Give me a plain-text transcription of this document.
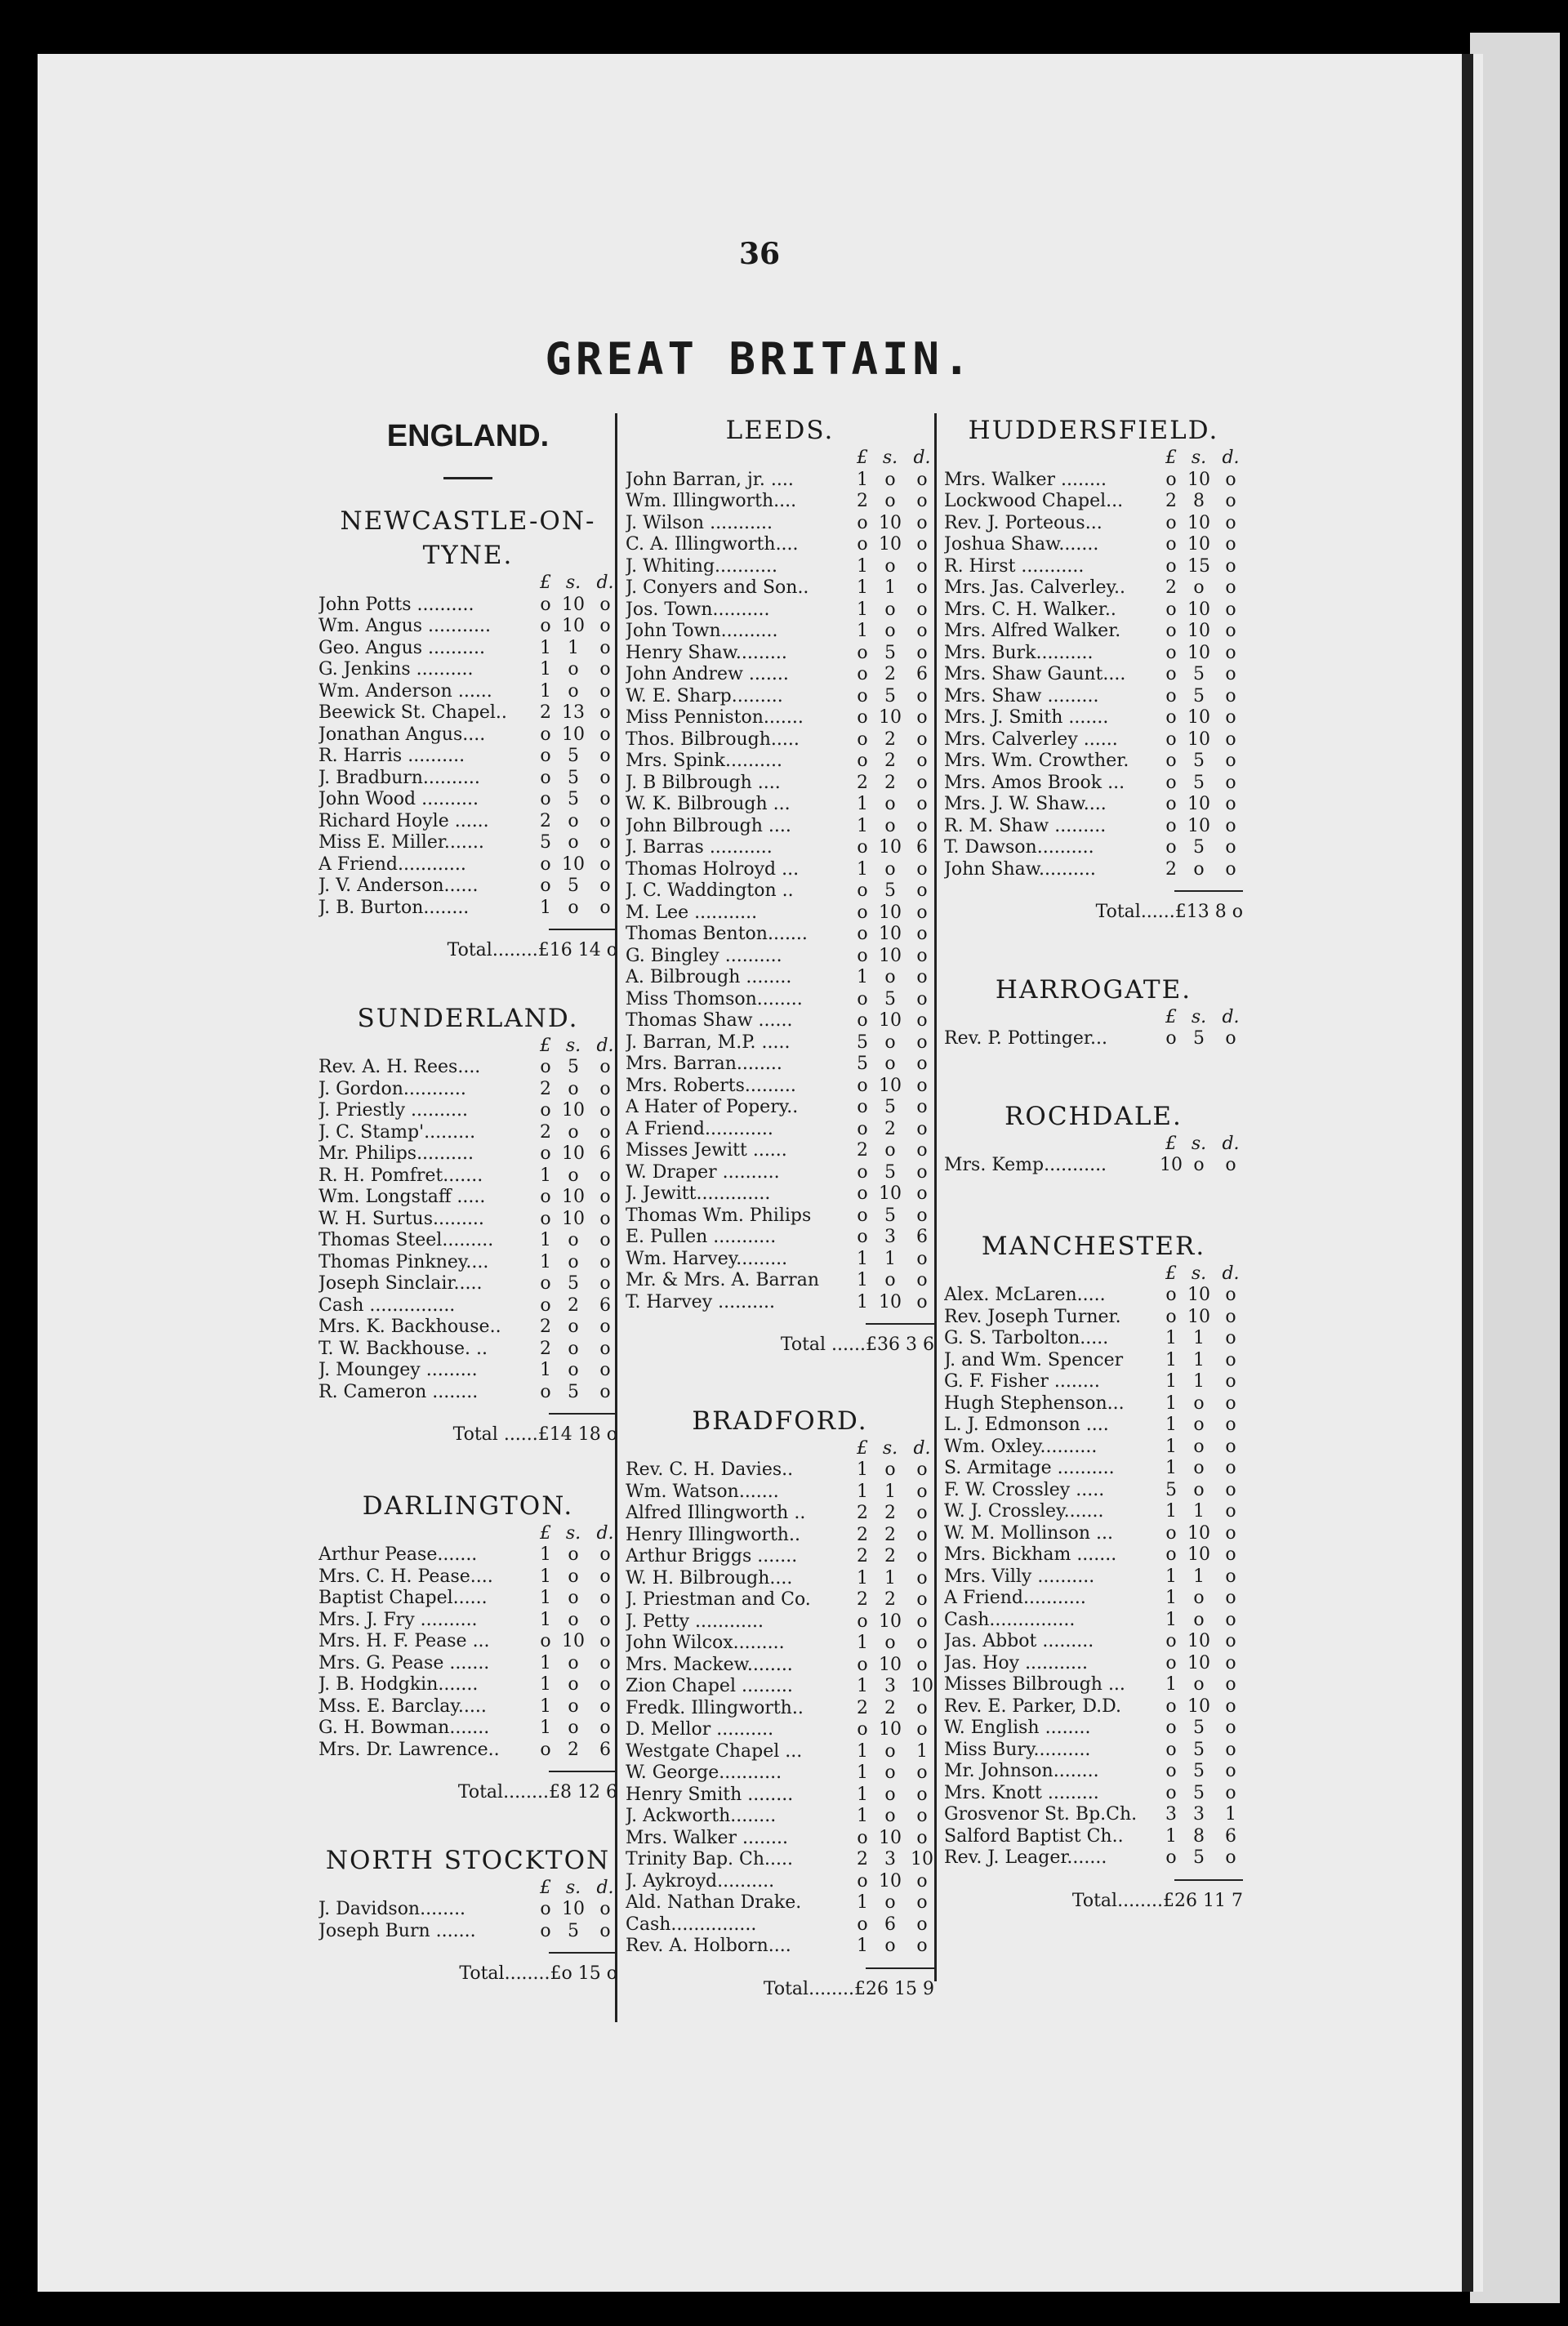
36
GREAT BRITAIN.
ENGLAND.
NEWCASTLE-ON-TYNE.
£ s. d.
John Potts ..........	o 10 o
Wm. Angus ...........	o 10 o
Geo. Angus ..........	1 1	o
G. Jenkins ..........	1 o	o
Wm. Anderson ......	1 o	o
Beewick St. Chapel..	2 13 o
Jonathan Angus....	o 10 o
R. Harris ..........	o 5	o
J. Bradburn..........	o 5	o
John Wood ..........	o 5	o
Richard Hoyle ......	2 o	o
Miss E. Miller.......	5 o	o
A Friend............	o 10 o
J. V. Anderson......	o 5	o
J. B. Burton........	1 o	o
Total........£16 14 o
SUNDERLAND.
£ s. d.
Rev. A. H. Rees....	o 5	o
J. Gordon...........	2 o	o
J. Priestly ..........	o 10 o
J. C. Stamp'.........	2 o	o
Mr. Philips..........	o 10 6
R. H. Pomfret.......	1 o	o
Wm. Longstaff .....	o 10 o
W. H. Surtus.........	o 10 o
Thomas Steel.........	1 o	o
Thomas Pinkney....	1 o	o
Joseph Sinclair.....	o 5	o
Cash ...............	o 2	6
Mrs. K. Backhouse..	2 o	o
T. W. Backhouse. ..	2 o	o
J. Moungey .........	1 o	o
R. Cameron ........	o 5	o
Total ......£14 18 o
DARLINGTON.
£ s. d.
Arthur Pease.......	1 o	o
Mrs. C. H. Pease....	1 o	o
Baptist Chapel......	1 o	o
Mrs. J. Fry ..........	1 o	o
Mrs. H. F. Pease ...	o 10 o
Mrs. G. Pease .......	1 o	o
J. B. Hodgkin.......	1 o	o
Mss. E. Barclay.....	1 o	o
G. H. Bowman.......	1 o	o
Mrs. Dr. Lawrence..	o 2	6
Total........£8 12 6
NORTH STOCKTON
£ s. d.
J. Davidson........	o 10 o
Joseph Burn .......	o 5	o
Total........£o 15 o
LEEDS.
£ s. d.
John Barran, jr. ....	1 o	o
Wm. Illingworth....	2 o	o
J. Wilson ...........	o 10 o
C. A. Illingworth....	o 10 o
J. Whiting...........	1 o	o
J. Conyers and Son..	1 1	o
Jos. Town..........	1 o	o
John Town..........	1 o	o
Henry Shaw.........	o 5	o
John Andrew .......	o 2	6
W. E. Sharp.........	o 5	o
Miss Penniston.......	o 10 o
Thos. Bilbrough.....	o 2	o
Mrs. Spink..........	o 2	o
J. B Bilbrough ....	2 2	o
W. K. Bilbrough ...	1 o	o
John Bilbrough ....	1 o	o
J. Barras ...........	o 10 6
Thomas Holroyd ...	1 o	o
J. C. Waddington ..	o 5	o
M. Lee ...........	o 10 o
Thomas Benton.......	o 10 o
G. Bingley ..........	o 10 o
A. Bilbrough ........	1 o	o
Miss Thomson........	o 5	o
Thomas Shaw ......	o 10 o
J. Barran, M.P. .....	5 o	o
Mrs. Barran........	5 o	o
Mrs. Roberts.........	o 10 o
A Hater of Popery..	o 5	o
A Friend............	o 2	o
Misses Jewitt ......	2 o	o
W. Draper ..........	o 5	o
J. Jewitt.............	o 10 o
Thomas Wm. Philips	o 5	o
E. Pullen ...........	o 3	6
Wm. Harvey.........	1 1	o
Mr. & Mrs. A. Barran	1 o	o
T. Harvey ..........	1 10 o
Total ......£36 3 6
BRADFORD.
£ s. d.
Rev. C. H. Davies..	1 o	o
Wm. Watson.......	1 1	o
Alfred Illingworth ..	2 2	o
Henry Illingworth..	2 2	o
Arthur Briggs .......	2 2	o
W. H. Bilbrough....	1 1	o
J. Priestman and Co.	2 2	o
J. Petty ............	o 10 o
John Wilcox.........	1 o	o
Mrs. Mackew........	o 10 o
Zion Chapel .........	1 3 10
Fredk. Illingworth..	2 2	o
D. Mellor ..........	o 10 o
Westgate Chapel ...	1 o	1
W. George...........	1 o	o
Henry Smith ........	1 o	o
J. Ackworth........	1 o	o
Mrs. Walker ........	o 10 o
Trinity Bap. Ch.....	2 3 10
J. Aykroyd..........	o 10 o
Ald. Nathan Drake.	1 o	o
Cash...............	o 6	o
Rev. A. Holborn....	1 o	o
Total........£26 15 9
HUDDERSFIELD.
£ s. d.
Mrs. Walker ........	o 10 o
Lockwood Chapel...	2 8	o
Rev. J. Porteous...	o 10 o
Joshua Shaw.......	o 10 o
R. Hirst ...........	o 15 o
Mrs. Jas. Calverley..	2 o	o
Mrs. C. H. Walker..	o 10 o
Mrs. Alfred Walker.	o 10 o
Mrs. Burk..........	o 10 o
Mrs. Shaw Gaunt....	o 5	o
Mrs. Shaw .........	o 5	o
Mrs. J. Smith .......	o 10 o
Mrs. Calverley ......	o 10 o
Mrs. Wm. Crowther.	o 5	o
Mrs. Amos Brook ...	o 5	o
Mrs. J. W. Shaw....	o 10 o
R. M. Shaw .........	o 10 o
T. Dawson..........	o 5	o
John Shaw..........	2 o	o
Total......£13 8 o
HARROGATE.
£ s. d.
Rev. P. Pottinger...	o 5	o
ROCHDALE.
£ s. d.
Mrs. Kemp...........	10 o	o
MANCHESTER.
£ s. d.
Alex. McLaren.....	o 10 o
Rev. Joseph Turner.	o 10 o
G. S. Tarbolton.....	1 1	o
J. and Wm. Spencer	1 1	o
G. F. Fisher ........	1 1	o
Hugh Stephenson...	1 o	o
L. J. Edmonson ....	1 o	o
Wm. Oxley..........	1 o	o
S. Armitage ..........	1 o	o
F. W. Crossley .....	5 o	o
W. J. Crossley.......	1 1	o
W. M. Mollinson ...	o 10 o
Mrs. Bickham .......	o 10 o
Mrs. Villy ..........	1 1	o
A Friend...........	1 o	o
Cash...............	1 o	o
Jas. Abbot .........	o 10 o
Jas. Hoy ...........	o 10 o
Misses Bilbrough ...	1 o	o
Rev. E. Parker, D.D.	o 10 o
W. English ........	o 5	o
Miss Bury..........	o 5	o
Mr. Johnson........	o 5	o
Mrs. Knott .........	o 5	o
Grosvenor St. Bp.Ch.	3 3	1
Salford Baptist Ch..	1 8	6
Rev. J. Leager.......	o 5	o
Total........£26 11 7
